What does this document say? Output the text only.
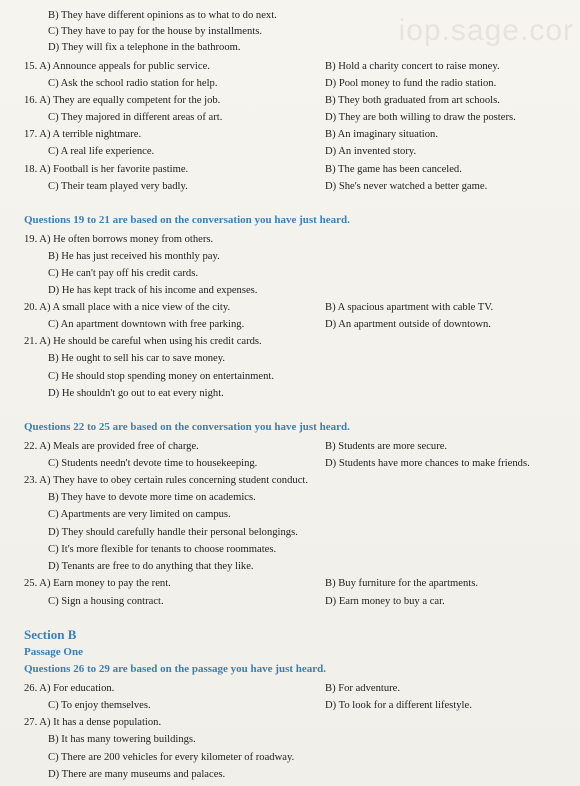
iop.sage.cor
B) They have different opinions as to what to do next.
C) They have to pay for the house by installments.
D) They will fix a telephone in the bathroom.
15. A) Announce appeals for public service.	B) Hold a charity concert to raise money.
C) Ask the school radio station for help.	D) Pool money to fund the radio station.
16. A) They are equally competent for the job.	B) They both graduated from art schools.
C) They majored in different areas of art.	D) They are both willing to draw the posters.
17. A) A terrible nightmare.	B) An imaginary situation.
C) A real life experience.	D) An invented story.
18. A) Football is her favorite pastime.	B) The game has been canceled.
C) Their team played very badly.	D) She's never watched a better game.
Questions 19 to 21 are based on the conversation you have just heard.
19. A) He often borrows money from others.
B) He has just received his monthly pay.
C) He can't pay off his credit cards.
D) He has kept track of his income and expenses.
20. A) A small place with a nice view of the city.	B) A spacious apartment with cable TV.
C) An apartment downtown with free parking.	D) An apartment outside of downtown.
21. A) He should be careful when using his credit cards.
B) He ought to sell his car to save money.
C) He should stop spending money on entertainment.
D) He shouldn't go out to eat every night.
Questions 22 to 25 are based on the conversation you have just heard.
22. A) Meals are provided free of charge.	B) Students are more secure.
C) Students needn't devote time to housekeeping.	D) Students have more chances to make friends.
23. A) They have to obey certain rules concerning student conduct.
B) They have to devote more time on academics.
C) Apartments are very limited on campus.
D) They should carefully handle their personal belongings.
C) It's more flexible for tenants to choose roommates.
D) Tenants are free to do anything that they like.
25. A) Earn money to pay the rent.	B) Buy furniture for the apartments.
C) Sign a housing contract.	D) Earn money to buy a car.
Section B
Passage One
Questions 26 to 29 are based on the passage you have just heard.
26. A) For education.	B) For adventure.
C) To enjoy themselves.	D) To look for a different lifestyle.
27. A) It has a dense population.
B) It has many towering buildings.
C) There are 200 vehicles for every kilometer of roadway.
D) There are many museums and palaces.
